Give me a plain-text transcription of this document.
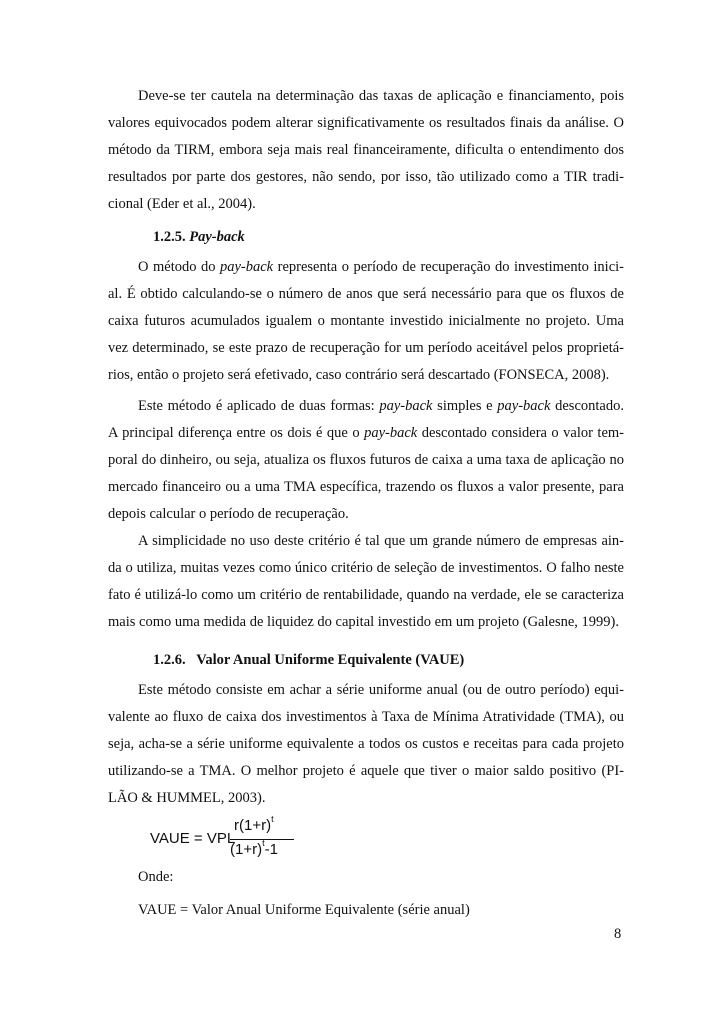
Deve-se ter cautela na determinação das taxas de aplicação e financiamento, pois
valores equivocados podem alterar significativamente os resultados finais da análise. O
método da TIRM, embora seja mais real financeiramente, dificulta o entendimento dos
resultados por parte dos gestores, não sendo, por isso, tão utilizado como a TIR tradi-
cional (Eder et al., 2004).
1.2.5. Pay-back
O método do pay-back representa o período de recuperação do investimento inici-
al. É obtido calculando-se o número de anos que será necessário para que os fluxos de
caixa futuros acumulados igualem o montante investido inicialmente no projeto. Uma
vez determinado, se este prazo de recuperação for um período aceitável pelos proprietá-
rios, então o projeto será efetivado, caso contrário será descartado (FONSECA, 2008).
Este método é aplicado de duas formas: pay-back simples e pay-back descontado.
A principal diferença entre os dois é que o pay-back descontado considera o valor tem-
poral do dinheiro, ou seja, atualiza os fluxos futuros de caixa a uma taxa de aplicação no
mercado financeiro ou a uma TMA específica, trazendo os fluxos a valor presente, para
depois calcular o período de recuperação.
A simplicidade no uso deste critério é tal que um grande número de empresas ain-
da o utiliza, muitas vezes como único critério de seleção de investimentos. O falho neste
fato é utilizá-lo como um critério de rentabilidade, quando na verdade, ele se caracteriza
mais como uma medida de liquidez do capital investido em um projeto (Galesne, 1999).
1.2.6. Valor Anual Uniforme Equivalente (VAUE)
Este método consiste em achar a série uniforme anual (ou de outro período) equi-
valente ao fluxo de caixa dos investimentos à Taxa de Mínima Atratividade (TMA), ou
seja, acha-se a série uniforme equivalente a todos os custos e receitas para cada projeto
utilizando-se a TMA. O melhor projeto é aquele que tiver o maior saldo positivo (PI-
LÃO & HUMMEL, 2003).
VAUE = VPL
$r(1+r)^t$
$(1+r)^t-1$
Onde:
VAUE = Valor Anual Uniforme Equivalente (série anual)
8
